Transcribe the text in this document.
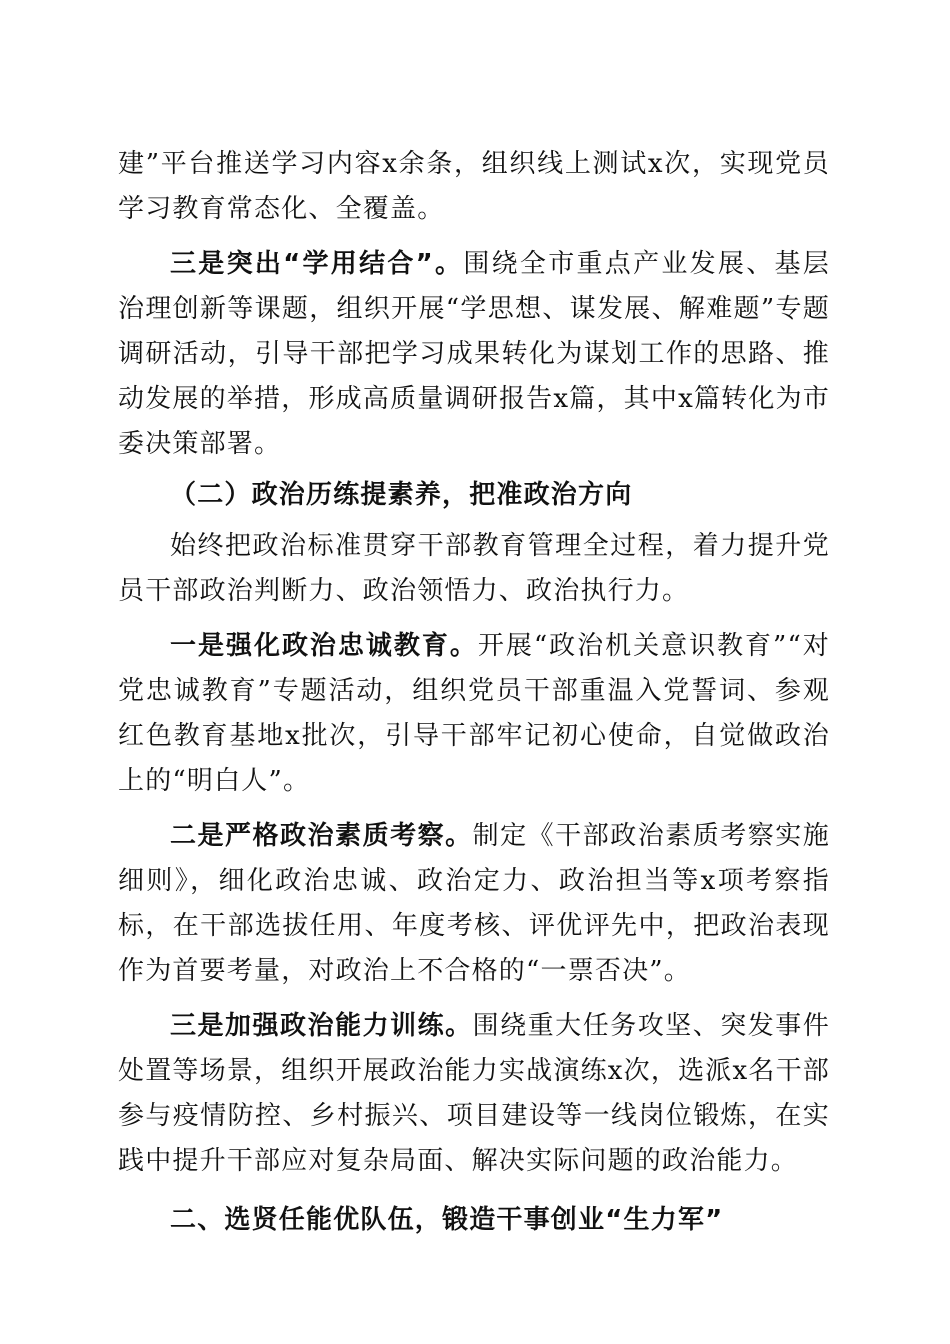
建”平台推送学习内容x余条，组织线上测试x次，实现党员学习教育常态化、全覆盖。

三是突出“学用结合”。围绕全市重点产业发展、基层治理创新等课题，组织开展“学思想、谋发展、解难题”专题调研活动，引导干部把学习成果转化为谋划工作的思路、推动发展的举措，形成高质量调研报告x篇，其中x篇转化为市委决策部署。

（二）政治历练提素养，把准政治方向

始终把政治标准贯穿干部教育管理全过程，着力提升党员干部政治判断力、政治领悟力、政治执行力。

一是强化政治忠诚教育。开展“政治机关意识教育”“对党忠诚教育”专题活动，组织党员干部重温入党誓词、参观红色教育基地x批次，引导干部牢记初心使命，自觉做政治上的“明白人”。

二是严格政治素质考察。制定《干部政治素质考察实施细则》，细化政治忠诚、政治定力、政治担当等x项考察指标，在干部选拔任用、年度考核、评优评先中，把政治表现作为首要考量，对政治上不合格的“一票否决”。

三是加强政治能力训练。围绕重大任务攻坚、突发事件处置等场景，组织开展政治能力实战演练x次，选派x名干部参与疫情防控、乡村振兴、项目建设等一线岗位锻炼，在实践中提升干部应对复杂局面、解决实际问题的政治能力。

二、选贤任能优队伍，锻造干事创业“生力军”
